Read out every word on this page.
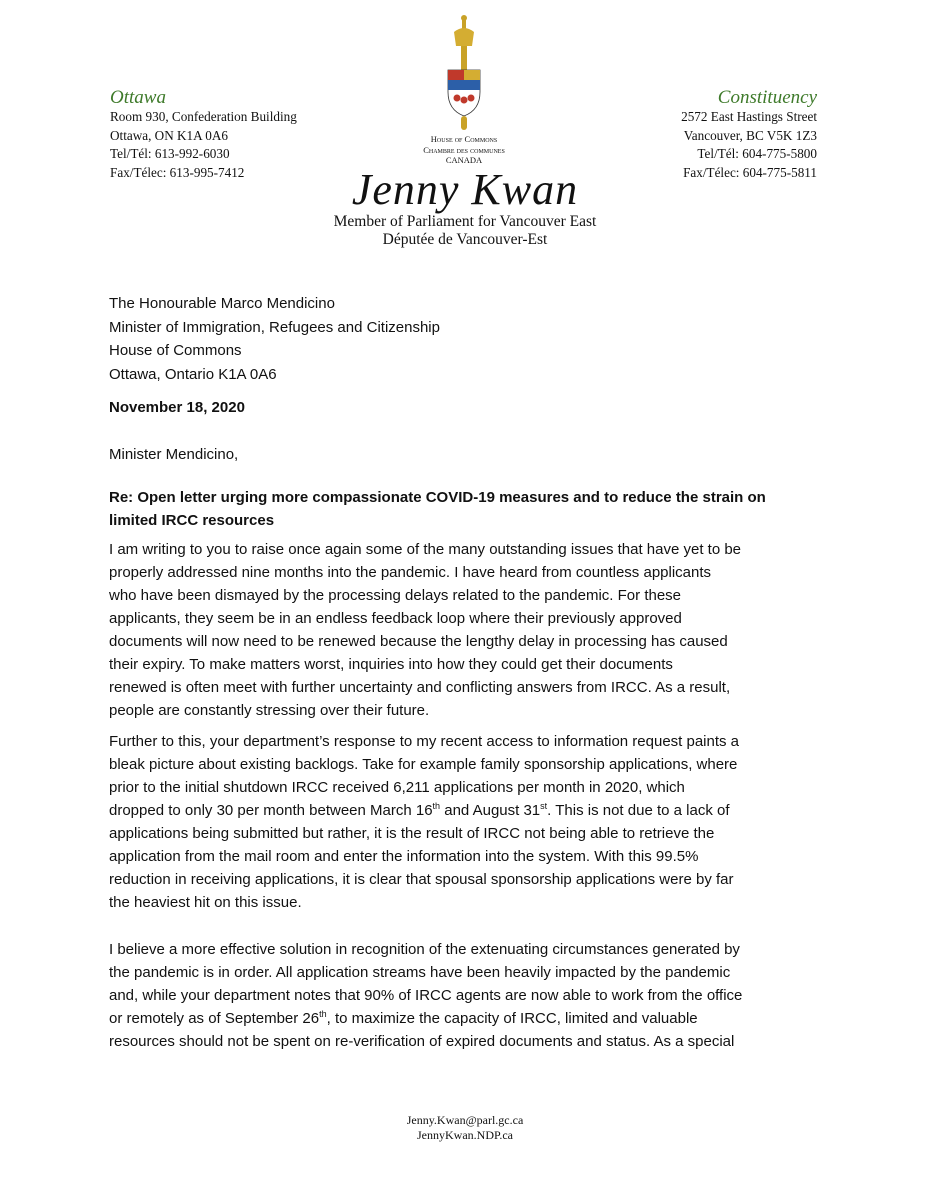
Ottawa
Room 930, Confederation Building
Ottawa, ON K1A 0A6
Tel/Tél: 613-992-6030
Fax/Télec: 613-995-7412
House of Commons
Chambre des communes
CANADA
Constituency
2572 East Hastings Street
Vancouver, BC V5K 1Z3
Tel/Tél: 604-775-5800
Fax/Télec: 604-775-5811
Jenny Kwan
Member of Parliament for Vancouver East
Députée de Vancouver-Est
The Honourable Marco Mendicino
Minister of Immigration, Refugees and Citizenship
House of Commons
Ottawa, Ontario K1A 0A6
November 18, 2020
Minister Mendicino,
Re: Open letter urging more compassionate COVID-19 measures and to reduce the strain on
limited IRCC resources
I am writing to you to raise once again some of the many outstanding issues that have yet to be
properly addressed nine months into the pandemic. I have heard from countless applicants
who have been dismayed by the processing delays related to the pandemic. For these
applicants, they seem be in an endless feedback loop where their previously approved
documents will now need to be renewed because the lengthy delay in processing has caused
their expiry. To make matters worst, inquiries into how they could get their documents
renewed is often meet with further uncertainty and conflicting answers from IRCC. As a result,
people are constantly stressing over their future.
Further to this, your department’s response to my recent access to information request paints a
bleak picture about existing backlogs. Take for example family sponsorship applications, where
prior to the initial shutdown IRCC received 6,211 applications per month in 2020, which
dropped to only 30 per month between March 16th and August 31st. This is not due to a lack of
applications being submitted but rather, it is the result of IRCC not being able to retrieve the
application from the mail room and enter the information into the system. With this 99.5%
reduction in receiving applications, it is clear that spousal sponsorship applications were by far
the heaviest hit on this issue.
I believe a more effective solution in recognition of the extenuating circumstances generated by
the pandemic is in order. All application streams have been heavily impacted by the pandemic
and, while your department notes that 90% of IRCC agents are now able to work from the office
or remotely as of September 26th, to maximize the capacity of IRCC, limited and valuable
resources should not be spent on re-verification of expired documents and status. As a special
Jenny.Kwan@parl.gc.ca
JennyKwan.NDP.ca
